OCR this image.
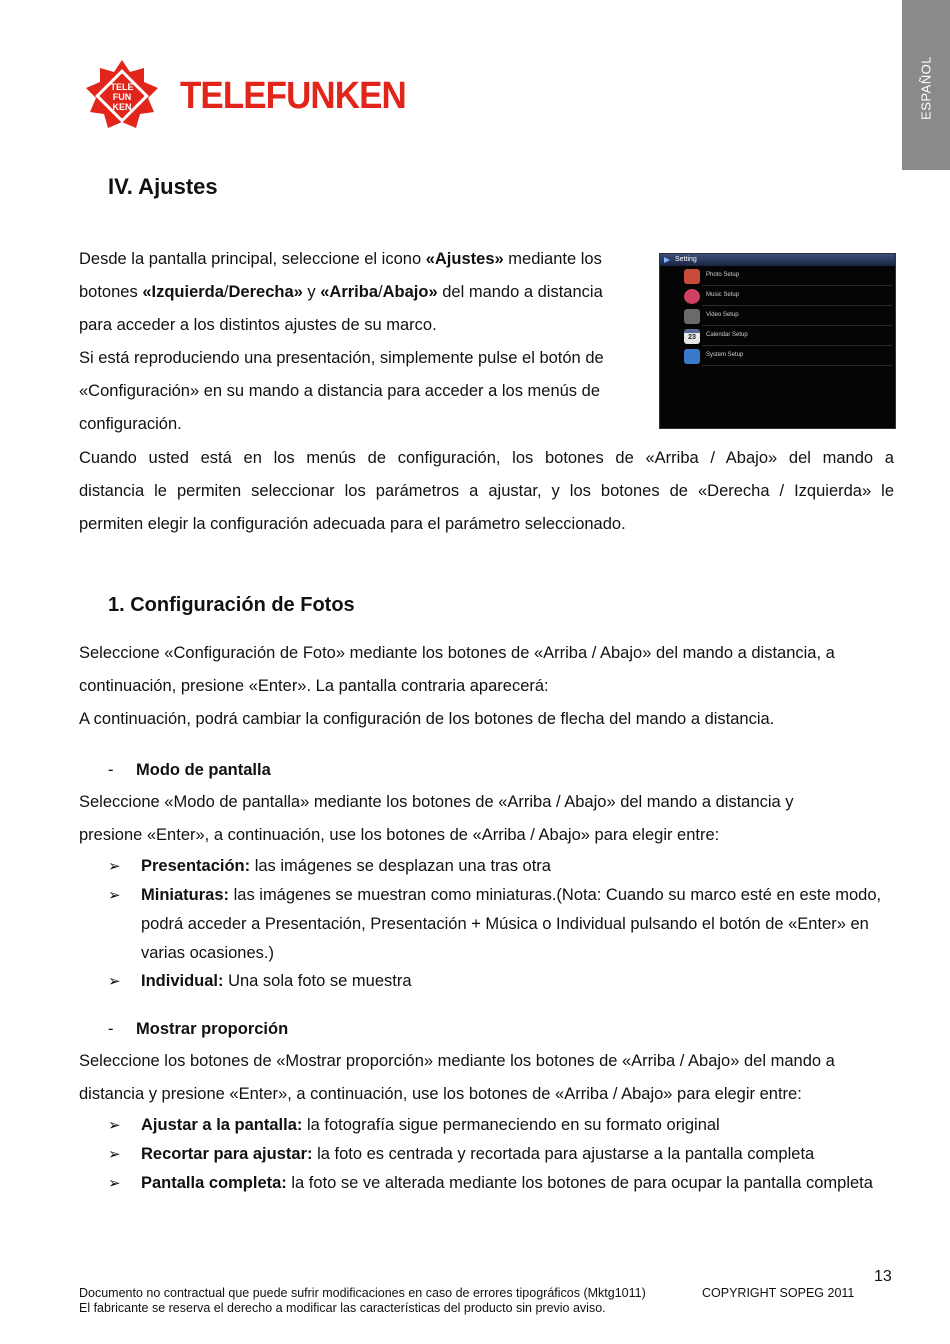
ESPAÑOL
TELE
FUN
KEN TELEFUNKEN
IV. Ajustes
Desde la pantalla principal, seleccione el icono «Ajustes» mediante los
botones «Izquierda/Derecha» y «Arriba/Abajo» del mando a distancia
para acceder a los distintos ajustes de su marco.
Si está reproduciendo una presentación, simplemente pulse el botón de
«Configuración» en su mando a distancia para acceder a los menús de
configuración.
Setting
Photo Setup
Music Setup
Video Setup
23	Calendar Setup
System Setup
Cuando usted está en los menús de configuración, los botones de «Arriba / Abajo» del mando a
distancia le permiten seleccionar los parámetros a ajustar, y los botones de «Derecha / Izquierda» le
permiten elegir la configuración adecuada para el parámetro seleccionado.
1. Configuración de Fotos
Seleccione «Configuración de Foto» mediante los botones de «Arriba / Abajo» del mando a distancia, a
continuación, presione «Enter». La pantalla contraria aparecerá:
A continuación, podrá cambiar la configuración de los botones de flecha del mando a distancia.
- Modo de pantalla
Seleccione «Modo de pantalla» mediante los botones de «Arriba / Abajo» del mando a distancia y
presione «Enter», a continuación, use los botones de «Arriba / Abajo» para elegir entre:
➢	Presentación: las imágenes se desplazan una tras otra
➢	Miniaturas: las imágenes se muestran como miniaturas.(Nota: Cuando su marco esté en este modo, podrá acceder a Presentación, Presentación + Música o Individual pulsando el botón de «Enter» en varias ocasiones.)
➢	Individual: Una sola foto se muestra
- Mostrar proporción
Seleccione los botones de «Mostrar proporción» mediante los botones de «Arriba / Abajo» del mando a
distancia y presione «Enter», a continuación, use los botones de «Arriba / Abajo» para elegir entre:
➢	Ajustar a la pantalla: la fotografía sigue permaneciendo en su formato original
➢	Recortar para ajustar: la foto es centrada y recortada para ajustarse a la pantalla completa
➢	Pantalla completa: la foto se ve alterada mediante los botones de para ocupar la pantalla completa
13
Documento no contractual que puede sufrir modificaciones en caso de errores tipográficos (Mktg1011)
El fabricante se reserva el derecho a modificar las características del producto sin previo aviso.
COPYRIGHT SOPEG 2011
